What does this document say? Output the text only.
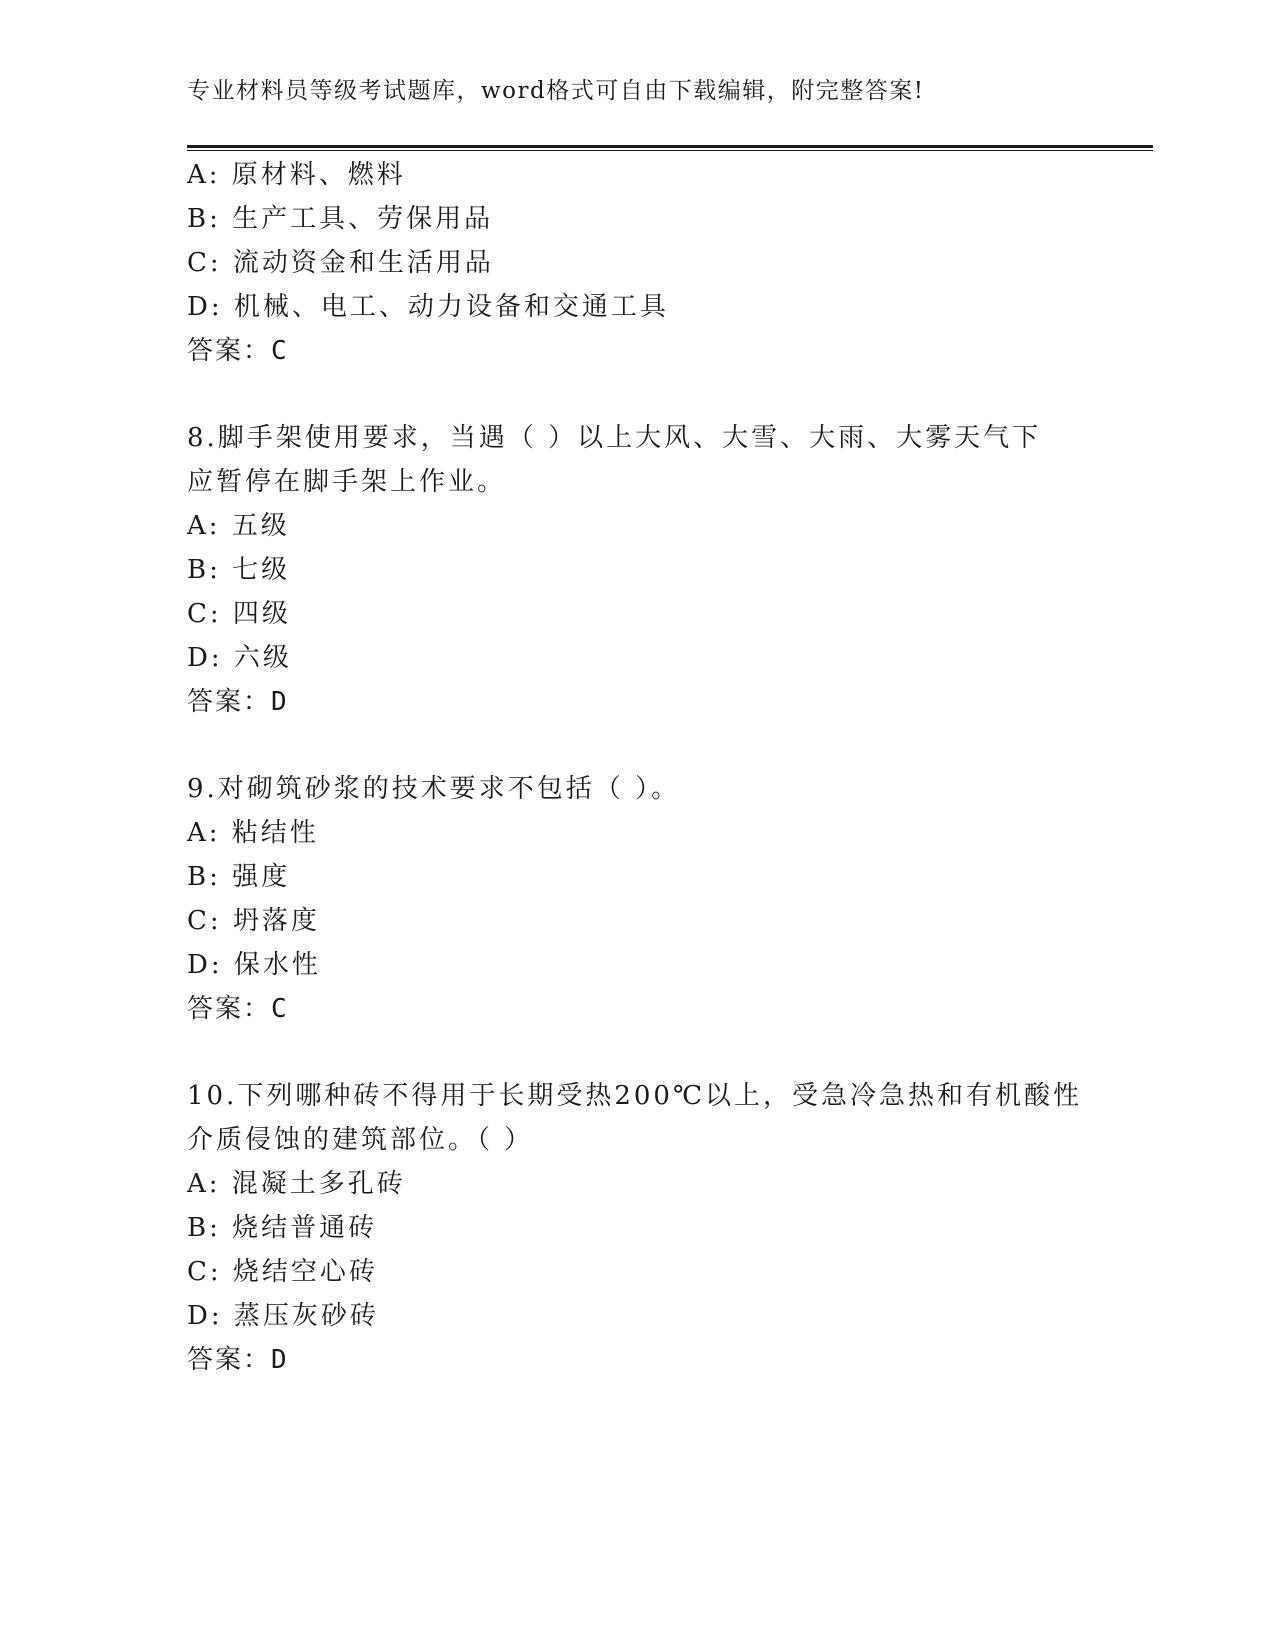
专业材料员等级考试题库，word格式可自由下载编辑，附完整答案!
A: 原材料、燃料
B: 生产工具、劳保用品
C: 流动资金和生活用品
D: 机械、电工、动力设备和交通工具
答案：C
8.脚手架使用要求，当遇（ ）以上大风、大雪、大雨、大雾天气下
应暂停在脚手架上作业。
A: 五级
B: 七级
C: 四级
D: 六级
答案：D
9.对砌筑砂浆的技术要求不包括（ ）。
A: 粘结性
B: 强度
C: 坍落度
D: 保水性
答案：C
10.下列哪种砖不得用于长期受热200℃以上，受急冷急热和有机酸性
介质侵蚀的建筑部位。（ ）
A: 混凝土多孔砖
B: 烧结普通砖
C: 烧结空心砖
D: 蒸压灰砂砖
答案：D
